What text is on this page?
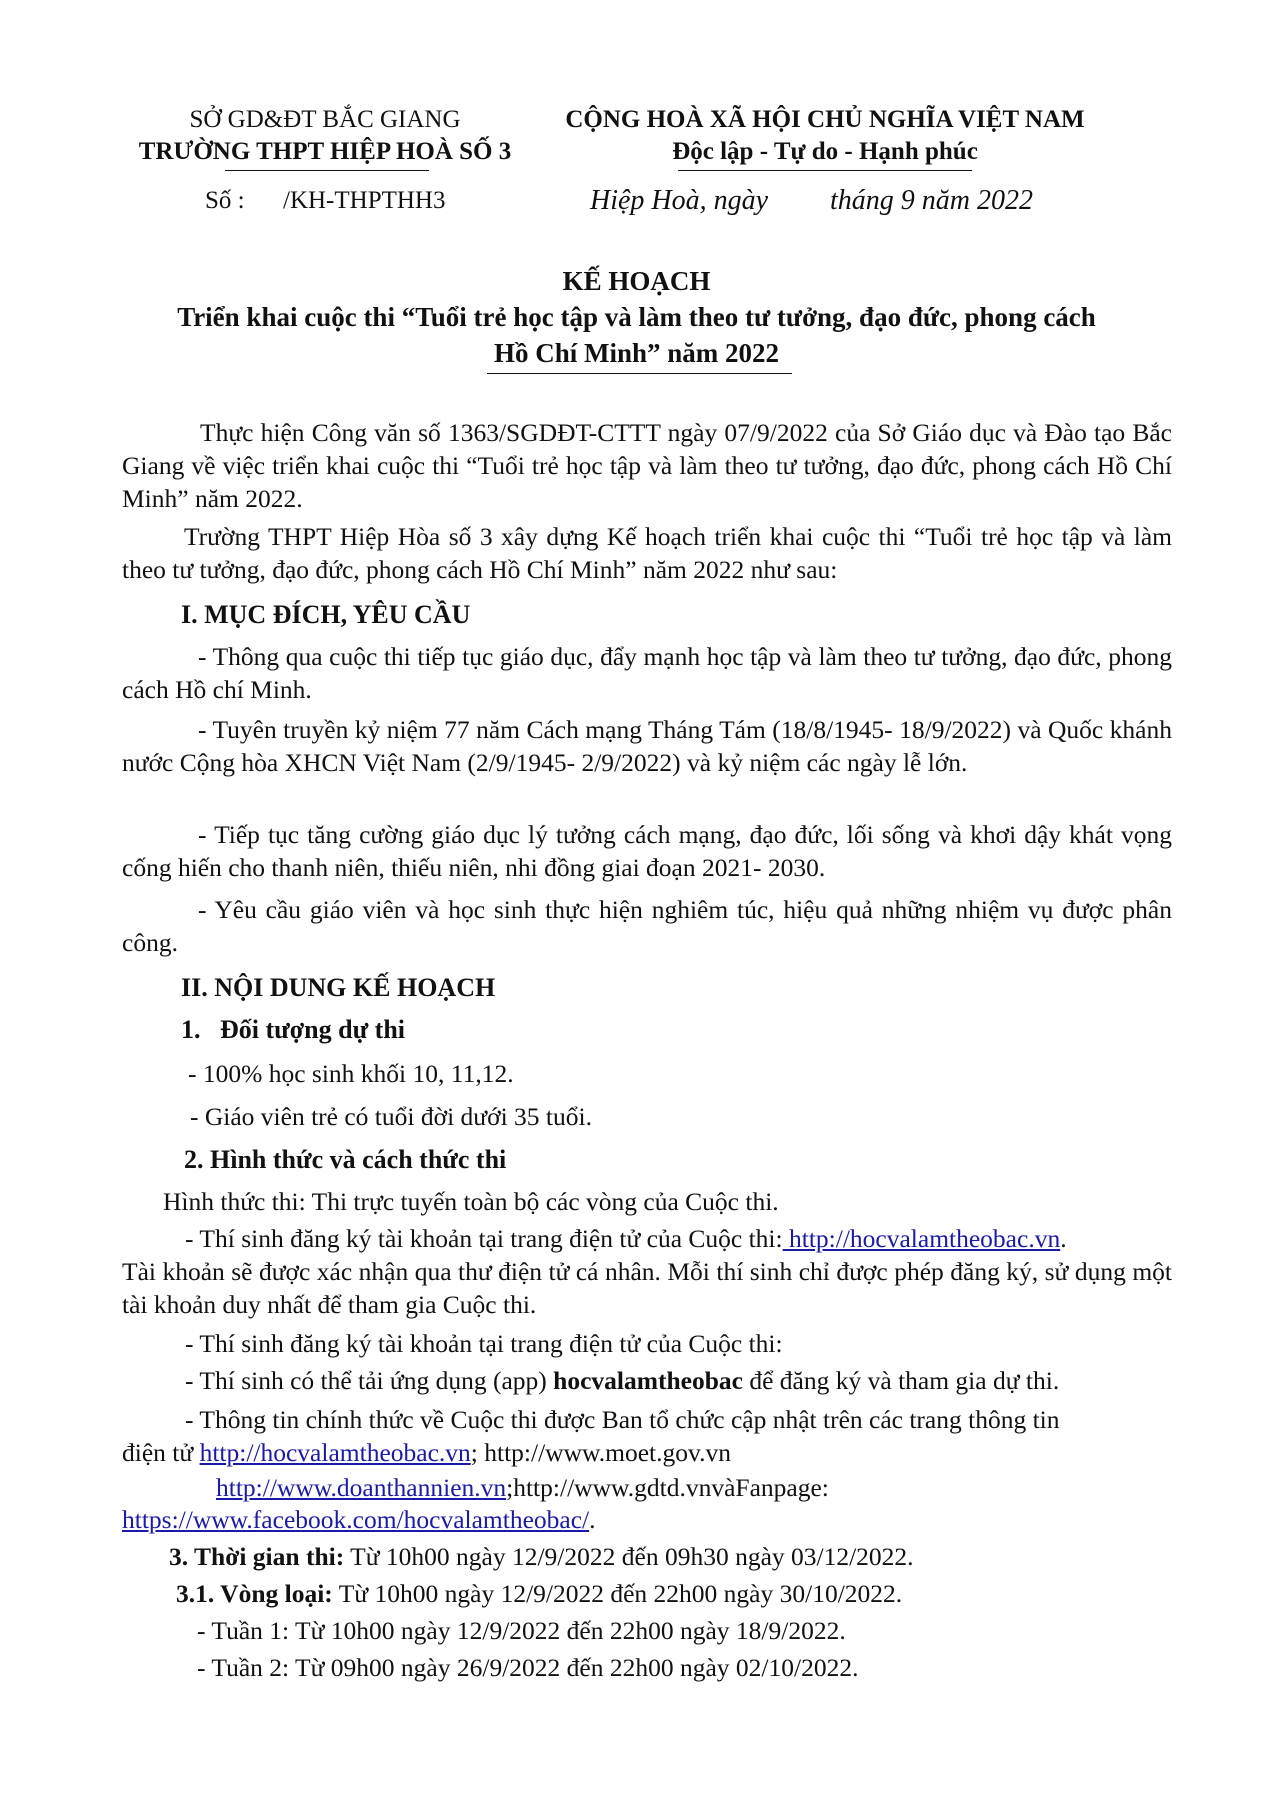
SỞ GD&ĐT BẮC GIANG
TRƯỜNG THPT HIỆP HOÀ SỐ 3
Số : /KH-THPTHH3
CỘNG HOÀ XÃ HỘI CHỦ NGHĨA VIỆT NAM
Độc lập - Tự do - Hạnh phúc
Hiệp Hoà, ngày tháng 9 năm 2022
KẾ HOẠCH
Triển khai cuộc thi “Tuổi trẻ học tập và làm theo tư tưởng, đạo đức, phong cách
Hồ Chí Minh” năm 2022
Thực hiện Công văn số 1363/SGDĐT-CTTT ngày 07/9/2022 của Sở Giáo dục và Đào tạo Bắc Giang về việc triển khai cuộc thi “Tuổi trẻ học tập và làm theo tư tưởng, đạo đức, phong cách Hồ Chí Minh” năm 2022.
Trường THPT Hiệp Hòa số 3 xây dựng Kế hoạch triển khai cuộc thi “Tuổi trẻ học tập và làm theo tư tưởng, đạo đức, phong cách Hồ Chí Minh” năm 2022 như sau:
I. MỤC ĐÍCH, YÊU CẦU
- Thông qua cuộc thi tiếp tục giáo dục, đẩy mạnh học tập và làm theo tư tưởng, đạo đức, phong cách Hồ chí Minh.
- Tuyên truyền kỷ niệm 77 năm Cách mạng Tháng Tám (18/8/1945- 18/9/2022) và Quốc khánh nước Cộng hòa XHCN Việt Nam (2/9/1945- 2/9/2022) và kỷ niệm các ngày lễ lớn.
- Tiếp tục tăng cường giáo dục lý tưởng cách mạng, đạo đức, lối sống và khơi dậy khát vọng cống hiến cho thanh niên, thiếu niên, nhi đồng giai đoạn 2021- 2030.
- Yêu cầu giáo viên và học sinh thực hiện nghiêm túc, hiệu quả những nhiệm vụ được phân công.
II. NỘI DUNG KẾ HOẠCH
1.   Đối tượng dự thi
- 100% học sinh khối 10, 11,12.
- Giáo viên trẻ có tuổi đời dưới 35 tuổi.
2. Hình thức và cách thức thi
Hình thức thi: Thi trực tuyến toàn bộ các vòng của Cuộc thi.
- Thí sinh đăng ký tài khoản tại trang điện tử của Cuộc thi: http://hocvalamtheobac.vn.
Tài khoản sẽ được xác nhận qua thư điện tử cá nhân. Mỗi thí sinh chỉ được phép đăng ký, sử dụng một tài khoản duy nhất để tham gia Cuộc thi.
- Thí sinh đăng ký tài khoản tại trang điện tử của Cuộc thi:
- Thí sinh có thể tải ứng dụng (app) hocvalamtheobac để đăng ký và tham gia dự thi.
- Thông tin chính thức về Cuộc thi được Ban tổ chức cập nhật trên các trang thông tin
điện tử http://hocvalamtheobac.vn; http://www.moet.gov.vn
http://www.doanthannien.vn;http://www.gdtd.vnvàFanpage:
https://www.facebook.com/hocvalamtheobac/.
3. Thời gian thi: Từ 10h00 ngày 12/9/2022 đến 09h30 ngày 03/12/2022.
3.1. Vòng loại: Từ 10h00 ngày 12/9/2022 đến 22h00 ngày 30/10/2022.
- Tuần 1: Từ 10h00 ngày 12/9/2022 đến 22h00 ngày 18/9/2022.
- Tuần 2: Từ 09h00 ngày 26/9/2022 đến 22h00 ngày 02/10/2022.
